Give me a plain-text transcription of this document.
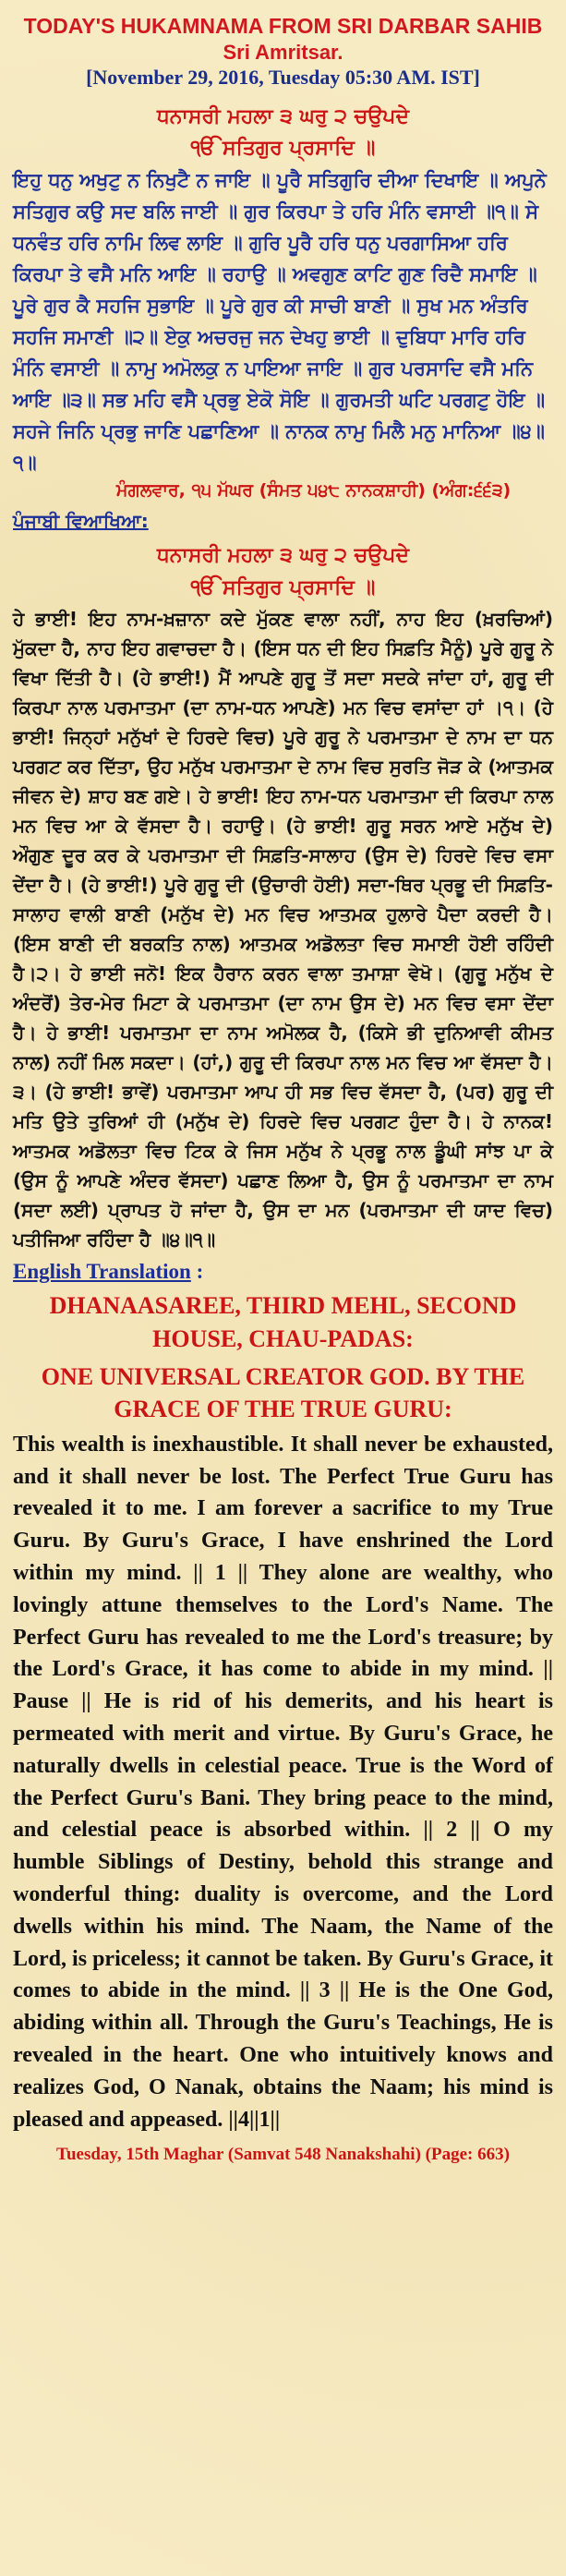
TODAY'S HUKAMNAMA FROM SRI DARBAR SAHIB
Sri Amritsar.
[November 29, 2016, Tuesday 05:30 AM. IST]
ਧਨਾਸਰੀ ਮਹਲਾ ੩ ਘਰੁ ੨ ਚਉਪਦੇ
ੴ ਸਤਿਗੁਰ ਪ੍ਰਸਾਦਿ ॥
ਇਹੁ ਧਨੁ ਅਖੁਟੁ ਨ ਨਿਖੁਟੈ ਨ ਜਾਇ ॥ ਪੂਰੈ ਸਤਿਗੁਰਿ ਦੀਆ ਦਿਖਾਇ ॥ ਅਪੁਨੇ ਸਤਿਗੁਰ ਕਉ ਸਦ ਬਲਿ ਜਾਈ ॥ ਗੁਰ ਕਿਰਪਾ ਤੇ ਹਰਿ ਮੰਨਿ ਵਸਾਈ ॥੧॥ ਸੇ ਧਨਵੰਤ ਹਰਿ ਨਾਮਿ ਲਿਵ ਲਾਇ ॥ ਗੁਰਿ ਪੂਰੈ ਹਰਿ ਧਨੁ ਪਰਗਾਸਿਆ ਹਰਿ ਕਿਰਪਾ ਤੇ ਵਸੈ ਮਨਿ ਆਇ ॥ ਰਹਾਉ ॥ ਅਵਗੁਣ ਕਾਟਿ ਗੁਣ ਰਿਦੈ ਸਮਾਇ ॥ ਪੂਰੇ ਗੁਰ ਕੈ ਸਹਜਿ ਸੁਭਾਇ ॥ ਪੂਰੇ ਗੁਰ ਕੀ ਸਾਚੀ ਬਾਣੀ ॥ ਸੁਖ ਮਨ ਅੰਤਰਿ ਸਹਜਿ ਸਮਾਣੀ ॥੨॥ ਏਕੁ ਅਚਰਜੁ ਜਨ ਦੇਖਹੁ ਭਾਈ ॥ ਦੁਬਿਧਾ ਮਾਰਿ ਹਰਿ ਮੰਨਿ ਵਸਾਈ ॥ ਨਾਮੁ ਅਮੋਲਕੁ ਨ ਪਾਇਆ ਜਾਇ ॥ ਗੁਰ ਪਰਸਾਦਿ ਵਸੈ ਮਨਿ ਆਇ ॥੩॥ ਸਭ ਮਹਿ ਵਸੈ ਪ੍ਰਭੁ ਏਕੋ ਸੋਇ ॥ ਗੁਰਮਤੀ ਘਟਿ ਪਰਗਟੁ ਹੋਇ ॥ ਸਹਜੇ ਜਿਨਿ ਪ੍ਰਭੁ ਜਾਣਿ ਪਛਾਣਿਆ ॥ ਨਾਨਕ ਨਾਮੁ ਮਿਲੈ ਮਨੁ ਮਾਨਿਆ ॥੪॥੧॥
ਮੰਗਲਵਾਰ, ੧੫ ਮੱਘਰ (ਸੰਮਤ ੫੪੮ ਨਾਨਕਸ਼ਾਹੀ) (ਅੰਗ:੬੬੩)
ਪੰਜਾਬੀ ਵਿਆਖਿਆ:
ਧਨਾਸਰੀ ਮਹਲਾ ੩ ਘਰੁ ੨ ਚਉਪਦੇ
ੴ ਸਤਿਗੁਰ ਪ੍ਰਸਾਦਿ ॥
ਹੇ ਭਾਈ! ਇਹ ਨਾਮ-ਖ਼ਜ਼ਾਨਾ ਕਦੇ ਮੁੱਕਣ ਵਾਲਾ ਨਹੀਂ, ਨਾਹ ਇਹ (ਖ਼ਰਚਿਆਂ) ਮੁੱਕਦਾ ਹੈ, ਨਾਹ ਇਹ ਗਵਾਚਦਾ ਹੈ। (ਇਸ ਧਨ ਦੀ ਇਹ ਸਿਫ਼ਤਿ ਮੈਨੂੰ) ਪੂਰੇ ਗੁਰੂ ਨੇ ਵਿਖਾ ਦਿੱਤੀ ਹੈ। (ਹੇ ਭਾਈ!) ਮੈਂ ਆਪਣੇ ਗੁਰੂ ਤੋਂ ਸਦਾ ਸਦਕੇ ਜਾਂਦਾ ਹਾਂ, ਗੁਰੂ ਦੀ ਕਿਰਪਾ ਨਾਲ ਪਰਮਾਤਮਾ (ਦਾ ਨਾਮ-ਧਨ ਆਪਣੇ) ਮਨ ਵਿਚ ਵਸਾਂਦਾ ਹਾਂ ।੧। (ਹੇ ਭਾਈ! ਜਿਨ੍ਹਾਂ ਮਨੁੱਖਾਂ ਦੇ ਹਿਰਦੇ ਵਿਚ) ਪੂਰੇ ਗੁਰੂ ਨੇ ਪਰਮਾਤਮਾ ਦੇ ਨਾਮ ਦਾ ਧਨ ਪਰਗਟ ਕਰ ਦਿੱਤਾ, ਉਹ ਮਨੁੱਖ ਪਰਮਾਤਮਾ ਦੇ ਨਾਮ ਵਿਚ ਸੁਰਤਿ ਜੋੜ ਕੇ (ਆਤਮਕ ਜੀਵਨ ਦੇ) ਸ਼ਾਹ ਬਣ ਗਏ। ਹੇ ਭਾਈ! ਇਹ ਨਾਮ-ਧਨ ਪਰਮਾਤਮਾ ਦੀ ਕਿਰਪਾ ਨਾਲ ਮਨ ਵਿਚ ਆ ਕੇ ਵੱਸਦਾ ਹੈ। ਰਹਾਉ। (ਹੇ ਭਾਈ! ਗੁਰੂ ਸਰਨ ਆਏ ਮਨੁੱਖ ਦੇ) ਔਗੁਣ ਦੂਰ ਕਰ ਕੇ ਪਰਮਾਤਮਾ ਦੀ ਸਿਫ਼ਤਿ-ਸਾਲਾਹ (ਉਸ ਦੇ) ਹਿਰਦੇ ਵਿਚ ਵਸਾ ਦੇਂਦਾ ਹੈ। (ਹੇ ਭਾਈ!) ਪੂਰੇ ਗੁਰੂ ਦੀ (ਉਚਾਰੀ ਹੋਈ) ਸਦਾ-ਥਿਰ ਪ੍ਰਭੂ ਦੀ ਸਿਫ਼ਤਿ-ਸਾਲਾਹ ਵਾਲੀ ਬਾਣੀ (ਮਨੁੱਖ ਦੇ) ਮਨ ਵਿਚ ਆਤਮਕ ਹੁਲਾਰੇ ਪੈਦਾ ਕਰਦੀ ਹੈ। (ਇਸ ਬਾਣੀ ਦੀ ਬਰਕਤਿ ਨਾਲ) ਆਤਮਕ ਅਡੋਲਤਾ ਵਿਚ ਸਮਾਈ ਹੋਈ ਰਹਿੰਦੀ ਹੈ।੨। ਹੇ ਭਾਈ ਜਨੋ! ਇਕ ਹੈਰਾਨ ਕਰਨ ਵਾਲਾ ਤਮਾਸ਼ਾ ਵੇਖੋ। (ਗੁਰੂ ਮਨੁੱਖ ਦੇ ਅੰਦਰੋਂ) ਤੇਰ-ਮੇਰ ਮਿਟਾ ਕੇ ਪਰਮਾਤਮਾ (ਦਾ ਨਾਮ ਉਸ ਦੇ) ਮਨ ਵਿਚ ਵਸਾ ਦੇਂਦਾ ਹੈ। ਹੇ ਭਾਈ! ਪਰਮਾਤਮਾ ਦਾ ਨਾਮ ਅਮੋਲਕ ਹੈ, (ਕਿਸੇ ਭੀ ਦੁਨਿਆਵੀ ਕੀਮਤ ਨਾਲ) ਨਹੀਂ ਮਿਲ ਸਕਦਾ। (ਹਾਂ,) ਗੁਰੂ ਦੀ ਕਿਰਪਾ ਨਾਲ ਮਨ ਵਿਚ ਆ ਵੱਸਦਾ ਹੈ।੩। (ਹੇ ਭਾਈ! ਭਾਵੇਂ) ਪਰਮਾਤਮਾ ਆਪ ਹੀ ਸਭ ਵਿਚ ਵੱਸਦਾ ਹੈ, (ਪਰ) ਗੁਰੂ ਦੀ ਮਤਿ ਉਤੇ ਤੁਰਿਆਂ ਹੀ (ਮਨੁੱਖ ਦੇ) ਹਿਰਦੇ ਵਿਚ ਪਰਗਟ ਹੁੰਦਾ ਹੈ। ਹੇ ਨਾਨਕ! ਆਤਮਕ ਅਡੋਲਤਾ ਵਿਚ ਟਿਕ ਕੇ ਜਿਸ ਮਨੁੱਖ ਨੇ ਪ੍ਰਭੂ ਨਾਲ ਡੂੰਘੀ ਸਾਂਝ ਪਾ ਕੇ (ਉਸ ਨੂੰ ਆਪਣੇ ਅੰਦਰ ਵੱਸਦਾ) ਪਛਾਣ ਲਿਆ ਹੈ, ਉਸ ਨੂੰ ਪਰਮਾਤਮਾ ਦਾ ਨਾਮ (ਸਦਾ ਲਈ) ਪ੍ਰਾਪਤ ਹੋ ਜਾਂਦਾ ਹੈ, ਉਸ ਦਾ ਮਨ (ਪਰਮਾਤਮਾ ਦੀ ਯਾਦ ਵਿਚ) ਪਤੀਜਿਆ ਰਹਿੰਦਾ ਹੈ ॥੪॥੧॥
English Translation :
DHANAASAREE, THIRD MEHL, SECOND HOUSE, CHAU-PADAS:
ONE UNIVERSAL CREATOR GOD. BY THE GRACE OF THE TRUE GURU:
This wealth is inexhaustible. It shall never be exhausted, and it shall never be lost. The Perfect True Guru has revealed it to me. I am forever a sacrifice to my True Guru. By Guru's Grace, I have enshrined the Lord within my mind. || 1 || They alone are wealthy, who lovingly attune themselves to the Lord's Name. The Perfect Guru has revealed to me the Lord's treasure; by the Lord's Grace, it has come to abide in my mind. || Pause || He is rid of his demerits, and his heart is permeated with merit and virtue. By Guru's Grace, he naturally dwells in celestial peace. True is the Word of the Perfect Guru's Bani. They bring peace to the mind, and celestial peace is absorbed within. || 2 || O my humble Siblings of Destiny, behold this strange and wonderful thing: duality is overcome, and the Lord dwells within his mind. The Naam, the Name of the Lord, is priceless; it cannot be taken. By Guru's Grace, it comes to abide in the mind. || 3 || He is the One God, abiding within all. Through the Guru's Teachings, He is revealed in the heart. One who intuitively knows and realizes God, O Nanak, obtains the Naam; his mind is pleased and appeased. ||4||1||
Tuesday, 15th Maghar (Samvat 548 Nanakshahi) (Page: 663)
